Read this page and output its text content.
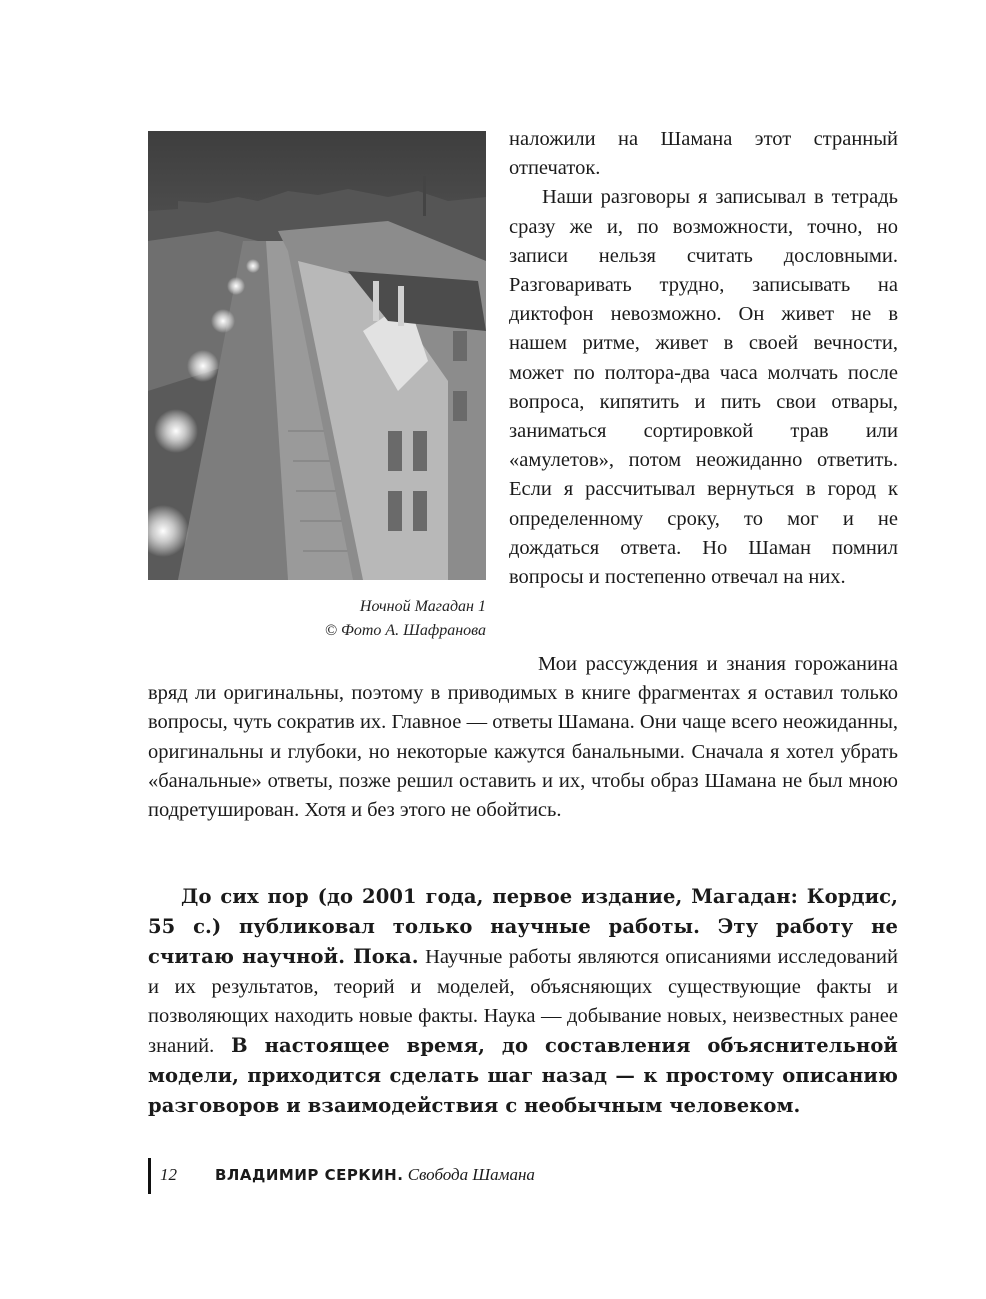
Ночной Магадан 1
© Фото А. Шафранова

наложили на Шамана этот странный отпечаток.

Наши разговоры я записывал в тетрадь сразу же и, по возможности, точно, но записи нельзя считать дословными. Разговаривать трудно, записывать на диктофон невозможно. Он живет не в нашем ритме, живет в своей вечности, может по полтора-два часа молчать после вопроса, кипятить и пить свои отвары, заниматься сортировкой трав или «амулетов», потом неожиданно ответить. Если я рассчитывал вернуться в город к определенному сроку, то мог и не дождаться ответа. Но Шаман помнил вопросы и постепенно отвечал на них.

Мои рассуждения и знания горожанина вряд ли оригинальны, поэтому в приводимых в книге фрагментах я оставил только вопросы, чуть сократив их. Главное — ответы Шамана. Они чаще всего неожиданны, оригинальны и глубоки, но некоторые кажутся банальными. Сначала я хотел убрать «банальные» ответы, позже решил оставить и их, чтобы образ Шамана не был мною подретуширован. Хотя и без этого не обойтись.

До сих пор (до 2001 года, первое издание, Магадан: Кордис, 55 с.) публиковал только научные работы. Эту работу не считаю научной. Пока. Научные работы являются описаниями исследований и их результатов, теорий и моделей, объясняющих существующие факты и позволяющих находить новые факты. Наука — добывание новых, неизвестных ранее знаний. В настоящее время, до составления объяснительной модели, приходится сделать шаг назад — к простому описанию разговоров и взаимодействия с необычным человеком.

12	ВЛАДИМИР СЕРКИН. Свобода Шамана
